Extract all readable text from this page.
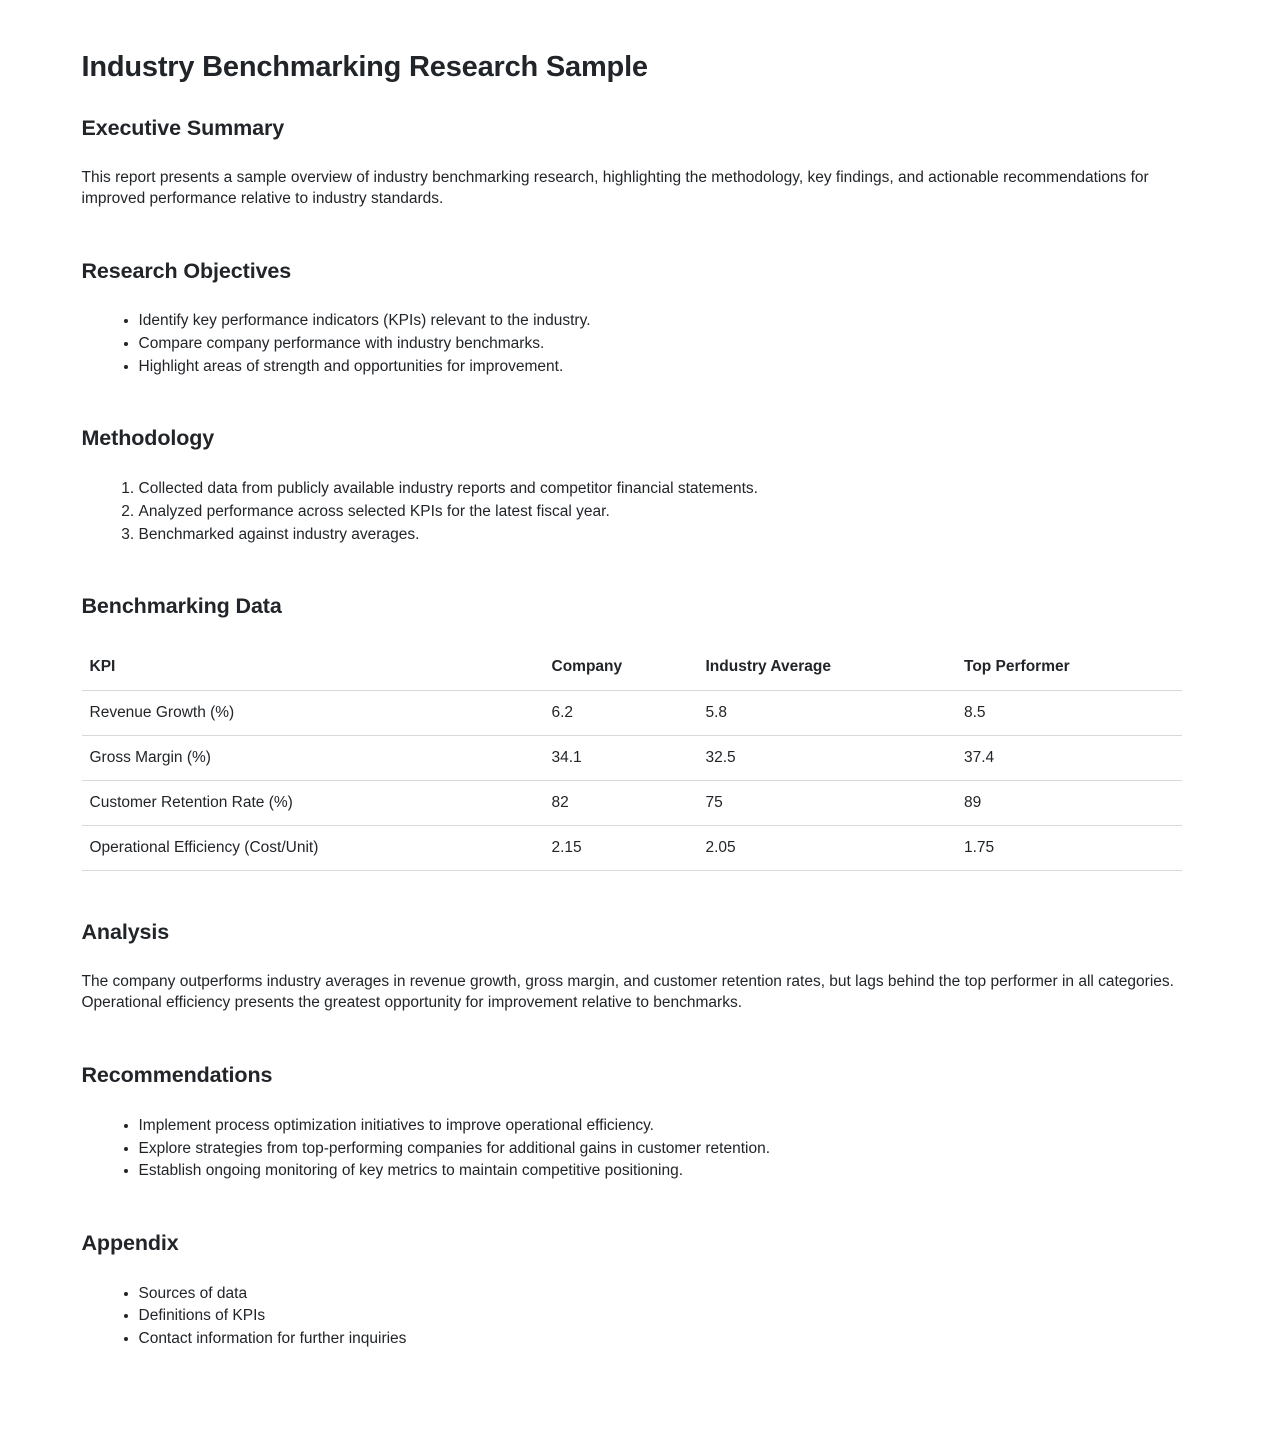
Industry Benchmarking Research Sample
Executive Summary

This report presents a sample overview of industry benchmarking research, highlighting the methodology, key findings, and actionable recommendations for improved performance relative to industry standards.

Research Objectives
• Identify key performance indicators (KPIs) relevant to the industry.
• Compare company performance with industry benchmarks.
• Highlight areas of strength and opportunities for improvement.
Methodology
1. Collected data from publicly available industry reports and competitor financial statements.
2. Analyzed performance across selected KPIs for the latest fiscal year.
3. Benchmarked against industry averages.
Benchmarking Data
KPI	Company	Industry Average	Top Performer
Revenue Growth (%)	6.2	5.8	8.5
Gross Margin (%)	34.1	32.5	37.4
Customer Retention Rate (%)	82	75	89
Operational Efficiency (Cost/Unit)	2.15	2.05	1.75
Analysis

The company outperforms industry averages in revenue growth, gross margin, and customer retention rates, but lags behind the top performer in all categories. Operational efficiency presents the greatest opportunity for improvement relative to benchmarks.

Recommendations
• Implement process optimization initiatives to improve operational efficiency.
• Explore strategies from top-performing companies for additional gains in customer retention.
• Establish ongoing monitoring of key metrics to maintain competitive positioning.
Appendix
• Sources of data
• Definitions of KPIs
• Contact information for further inquiries
